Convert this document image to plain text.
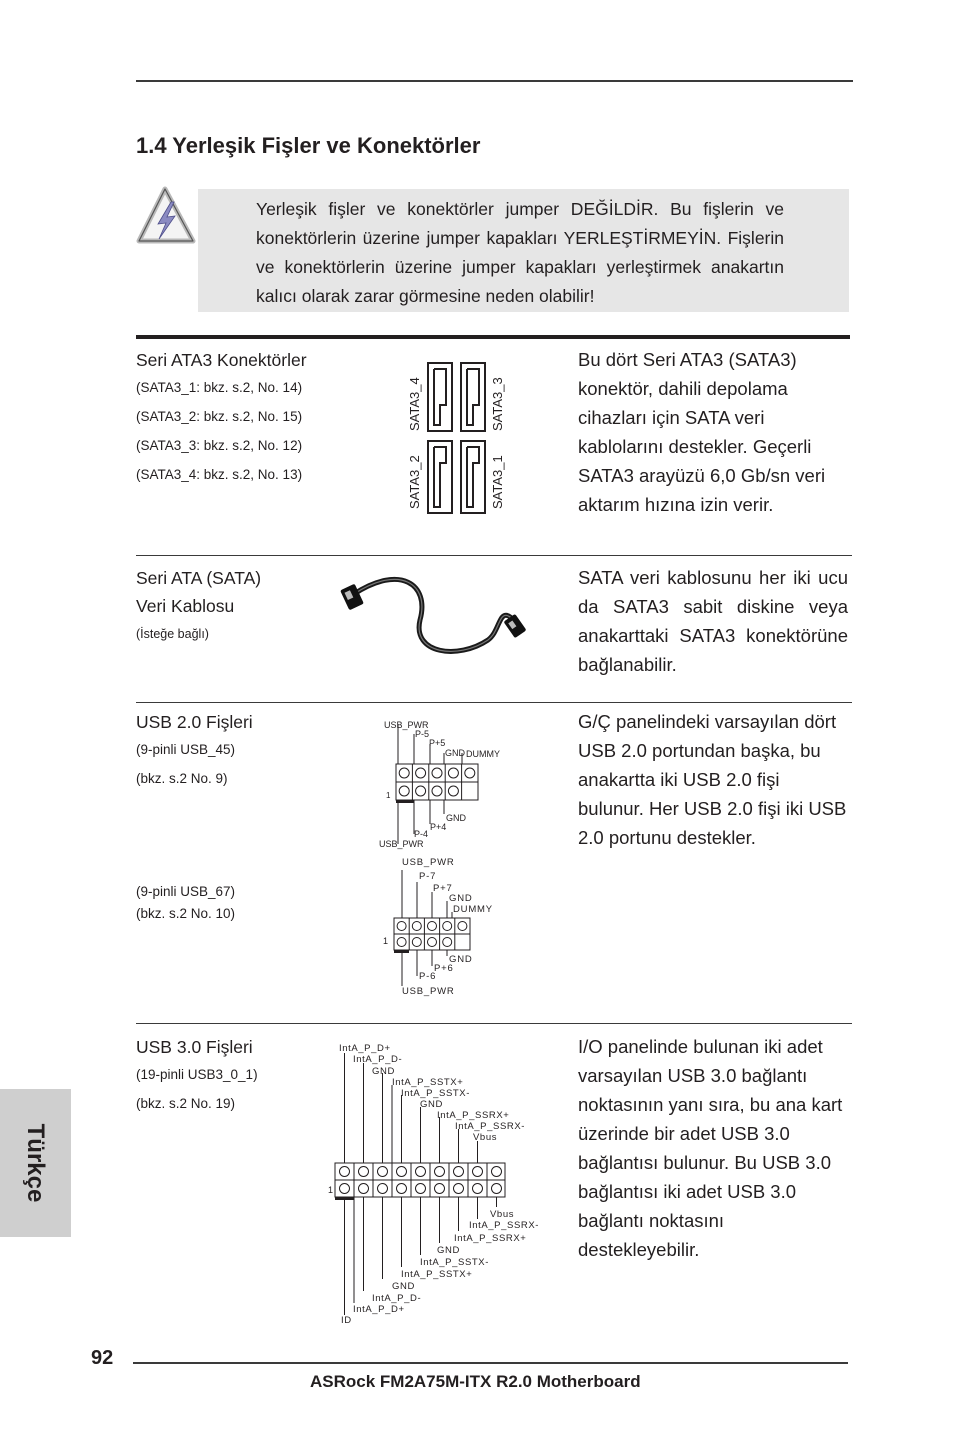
1.4 Yerleşik Fişler ve Konektörler
Yerleşik fişler ve konektörler jumper DEĞİLDİR. Bu fişlerin ve konektörlerin üzerine jumper kapakları YERLEŞTİRMEYİN. Fişlerin ve konektörlerin üzerine jumper kapakları yerleştirmek anakartın kalıcı olarak zarar görmesine neden olabilir!
Seri ATA3 Konektörler
(SATA3_1: bkz. s.2, No. 14)
(SATA3_2: bkz. s.2, No. 15)
(SATA3_3: bkz. s.2, No. 12)
(SATA3_4: bkz. s.2, No. 13)
SATA3_4	SATA3_3
SATA3_2	SATA3_1
Bu dört Seri ATA3 (SATA3) konektör, dahili depolama cihazları için SATA veri kablolarını destekler. Geçerli SATA3 arayüzü 6,0 Gb/sn veri aktarım hızına izin verir.
Seri ATA (SATA)
Veri Kablosu
(İsteğe bağlı)
SATA veri kablosunu her iki ucu da SATA3 sabit diskine veya anakarttaki SATA3 konektörüne bağlanabilir.
USB 2.0 Fişleri
(9-pinli USB_45)
(bkz. s.2 No. 9)
(9-pinli USB_67)
(bkz. s.2 No. 10)
G/Ç panelindeki varsayılan dört USB 2.0 portundan başka, bu anakartta iki USB 2.0 fişi bulunur. Her USB 2.0 fişi iki USB 2.0 portunu destekler.
USB_PWR
P-5
P+5
GND DUMMY
1
GND
P+4
P-4
USB_PWR
USB_PWR
P-7
P+7
GND
DUMMY
1
GND
P+6
P-6
USB_PWR
USB 3.0 Fişleri
(19-pinli USB3_0_1)
(bkz. s.2 No. 19)
I/O panelinde bulunan iki adet varsayılan USB 3.0 bağlantı noktasının yanı sıra, bu ana kart üzerinde bir adet USB 3.0 bağlantısı bulunur. Bu USB 3.0 bağlantısı iki adet USB 3.0 bağlantı noktasını destekleyebilir.
IntA_P_D+
IntA_P_D-
GND
IntA_P_SSTX+
IntA_P_SSTX-
GND
IntA_P_SSRX+
IntA_P_SSRX-
Vbus
1
Vbus
IntA_P_SSRX-
IntA_P_SSRX+
GND
IntA_P_SSTX-
IntA_P_SSTX+
GND
IntA_P_D-
IntA_P_D+
ID
Türkçe
92
ASRock FM2A75M-ITX R2.0 Motherboard
